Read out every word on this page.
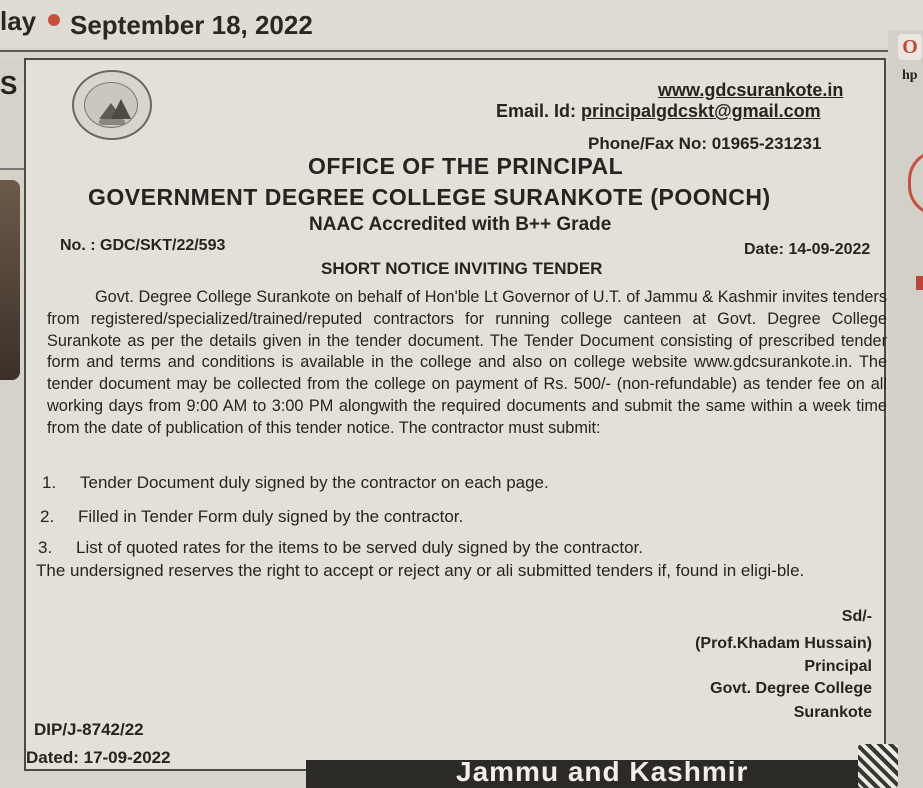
lay September 18, 2022
S
O
hp
www.gdcsurankote.in
Email. Id: principalgdcskt@gmail.com
Phone/Fax No: 01965-231231
OFFICE OF THE PRINCIPAL
GOVERNMENT DEGREE COLLEGE SURANKOTE (POONCH)
NAAC Accredited with B++ Grade
No. : GDC/SKT/22/593	Date: 14-09-2022
SHORT NOTICE INVITING TENDER
Govt. Degree College Surankote on behalf of Hon'ble Lt Governor of U.T. of Jammu & Kashmir invites tenders from registered/specialized/trained/reputed contractors for running college canteen at Govt. Degree College Surankote as per the details given in the tender document. The Tender Document consisting of prescribed tender form and terms and conditions is available in the college and also on college website www.gdcsurankote.in. The tender document may be collected from the college on payment of Rs. 500/- (non-refundable) as tender fee on all working days from 9:00 AM to 3:00 PM alongwith the required documents and submit the same within a week time from the date of publication of this tender notice. The contractor must submit:
1. Tender Document duly signed by the contractor on each page.
2. Filled in Tender Form duly signed by the contractor.
3. List of quoted rates for the items to be served duly signed by the contractor.
The undersigned reserves the right to accept or reject any or ali submitted tenders if, found in eligi-ble.
Sd/-
(Prof.Khadam Hussain)
Principal
Govt. Degree College
Surankote
DIP/J-8742/22
Dated: 17-09-2022	Jammu and Kashmir
